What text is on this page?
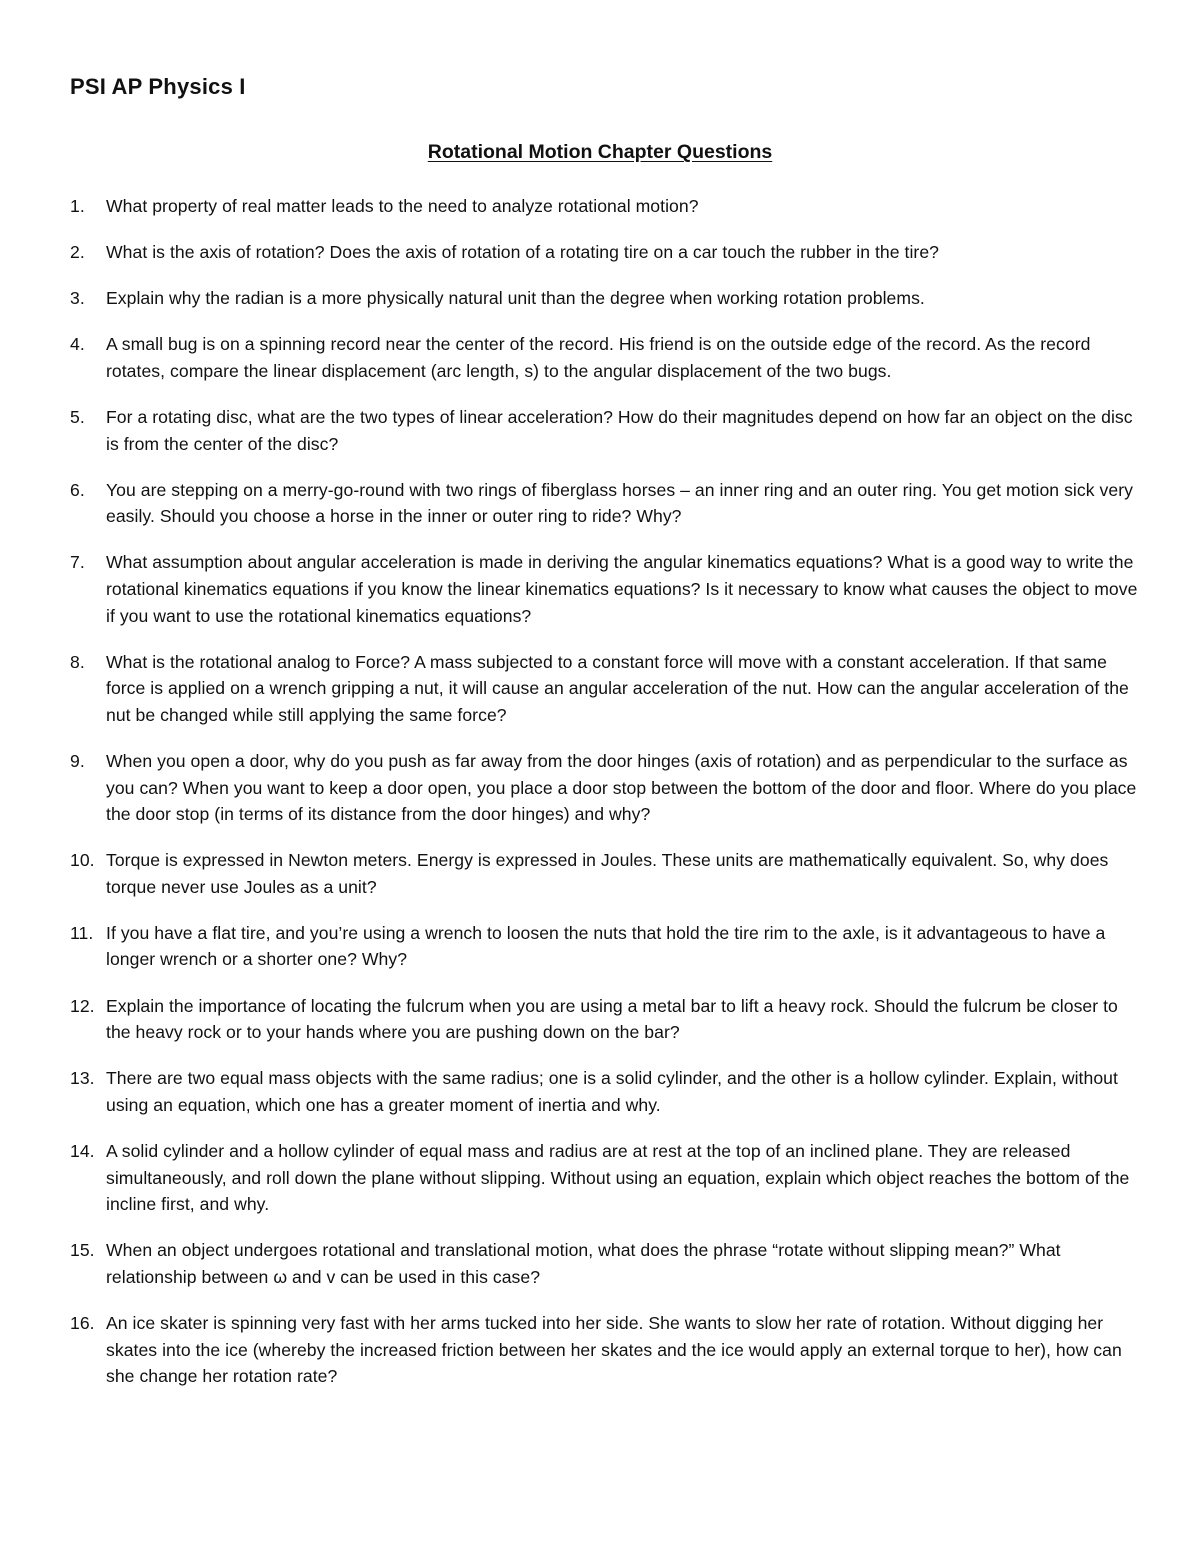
PSI AP Physics I
Rotational Motion Chapter Questions
1. What property of real matter leads to the need to analyze rotational motion?
2. What is the axis of rotation? Does the axis of rotation of a rotating tire on a car touch the rubber in the tire?
3. Explain why the radian is a more physically natural unit than the degree when working rotation problems.
4. A small bug is on a spinning record near the center of the record. His friend is on the outside edge of the record. As the record rotates, compare the linear displacement (arc length, s) to the angular displacement of the two bugs.
5. For a rotating disc, what are the two types of linear acceleration? How do their magnitudes depend on how far an object on the disc is from the center of the disc?
6. You are stepping on a merry-go-round with two rings of fiberglass horses – an inner ring and an outer ring. You get motion sick very easily. Should you choose a horse in the inner or outer ring to ride? Why?
7. What assumption about angular acceleration is made in deriving the angular kinematics equations? What is a good way to write the rotational kinematics equations if you know the linear kinematics equations? Is it necessary to know what causes the object to move if you want to use the rotational kinematics equations?
8. What is the rotational analog to Force? A mass subjected to a constant force will move with a constant acceleration. If that same force is applied on a wrench gripping a nut, it will cause an angular acceleration of the nut. How can the angular acceleration of the nut be changed while still applying the same force?
9. When you open a door, why do you push as far away from the door hinges (axis of rotation) and as perpendicular to the surface as you can? When you want to keep a door open, you place a door stop between the bottom of the door and floor. Where do you place the door stop (in terms of its distance from the door hinges) and why?
10. Torque is expressed in Newton meters. Energy is expressed in Joules. These units are mathematically equivalent. So, why does torque never use Joules as a unit?
11. If you have a flat tire, and you’re using a wrench to loosen the nuts that hold the tire rim to the axle, is it advantageous to have a longer wrench or a shorter one? Why?
12. Explain the importance of locating the fulcrum when you are using a metal bar to lift a heavy rock. Should the fulcrum be closer to the heavy rock or to your hands where you are pushing down on the bar?
13. There are two equal mass objects with the same radius; one is a solid cylinder, and the other is a hollow cylinder. Explain, without using an equation, which one has a greater moment of inertia and why.
14. A solid cylinder and a hollow cylinder of equal mass and radius are at rest at the top of an inclined plane. They are released simultaneously, and roll down the plane without slipping. Without using an equation, explain which object reaches the bottom of the incline first, and why.
15. When an object undergoes rotational and translational motion, what does the phrase “rotate without slipping mean?” What relationship between ω and v can be used in this case?
16. An ice skater is spinning very fast with her arms tucked into her side. She wants to slow her rate of rotation. Without digging her skates into the ice (whereby the increased friction between her skates and the ice would apply an external torque to her), how can she change her rotation rate?
